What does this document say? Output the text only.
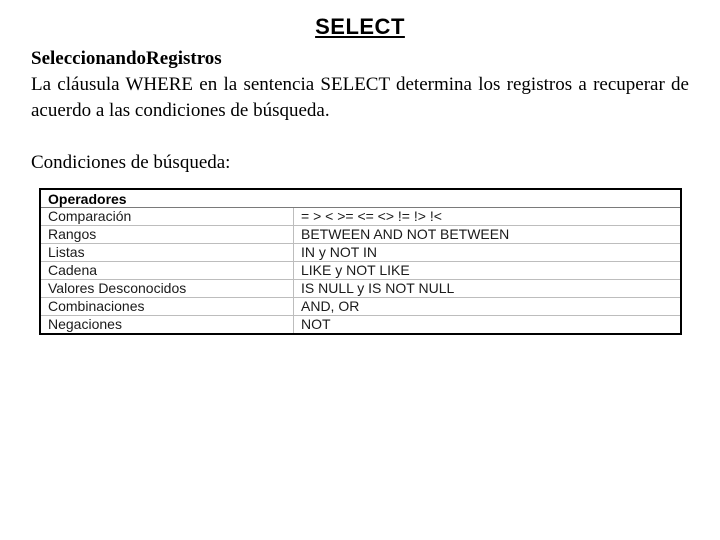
SELECT
SeleccionandoRegistros
La cláusula WHERE en la sentencia SELECT determina los registros a recuperar de acuerdo a las condiciones de búsqueda.
Condiciones de búsqueda:
Operadores	
Comparación	= > < >= <= <> != !> !<
Rangos	BETWEEN AND NOT BETWEEN
Listas	IN y NOT IN
Cadena	LIKE y NOT LIKE
Valores Desconocidos	IS NULL y IS NOT NULL
Combinaciones	AND, OR
Negaciones	NOT
